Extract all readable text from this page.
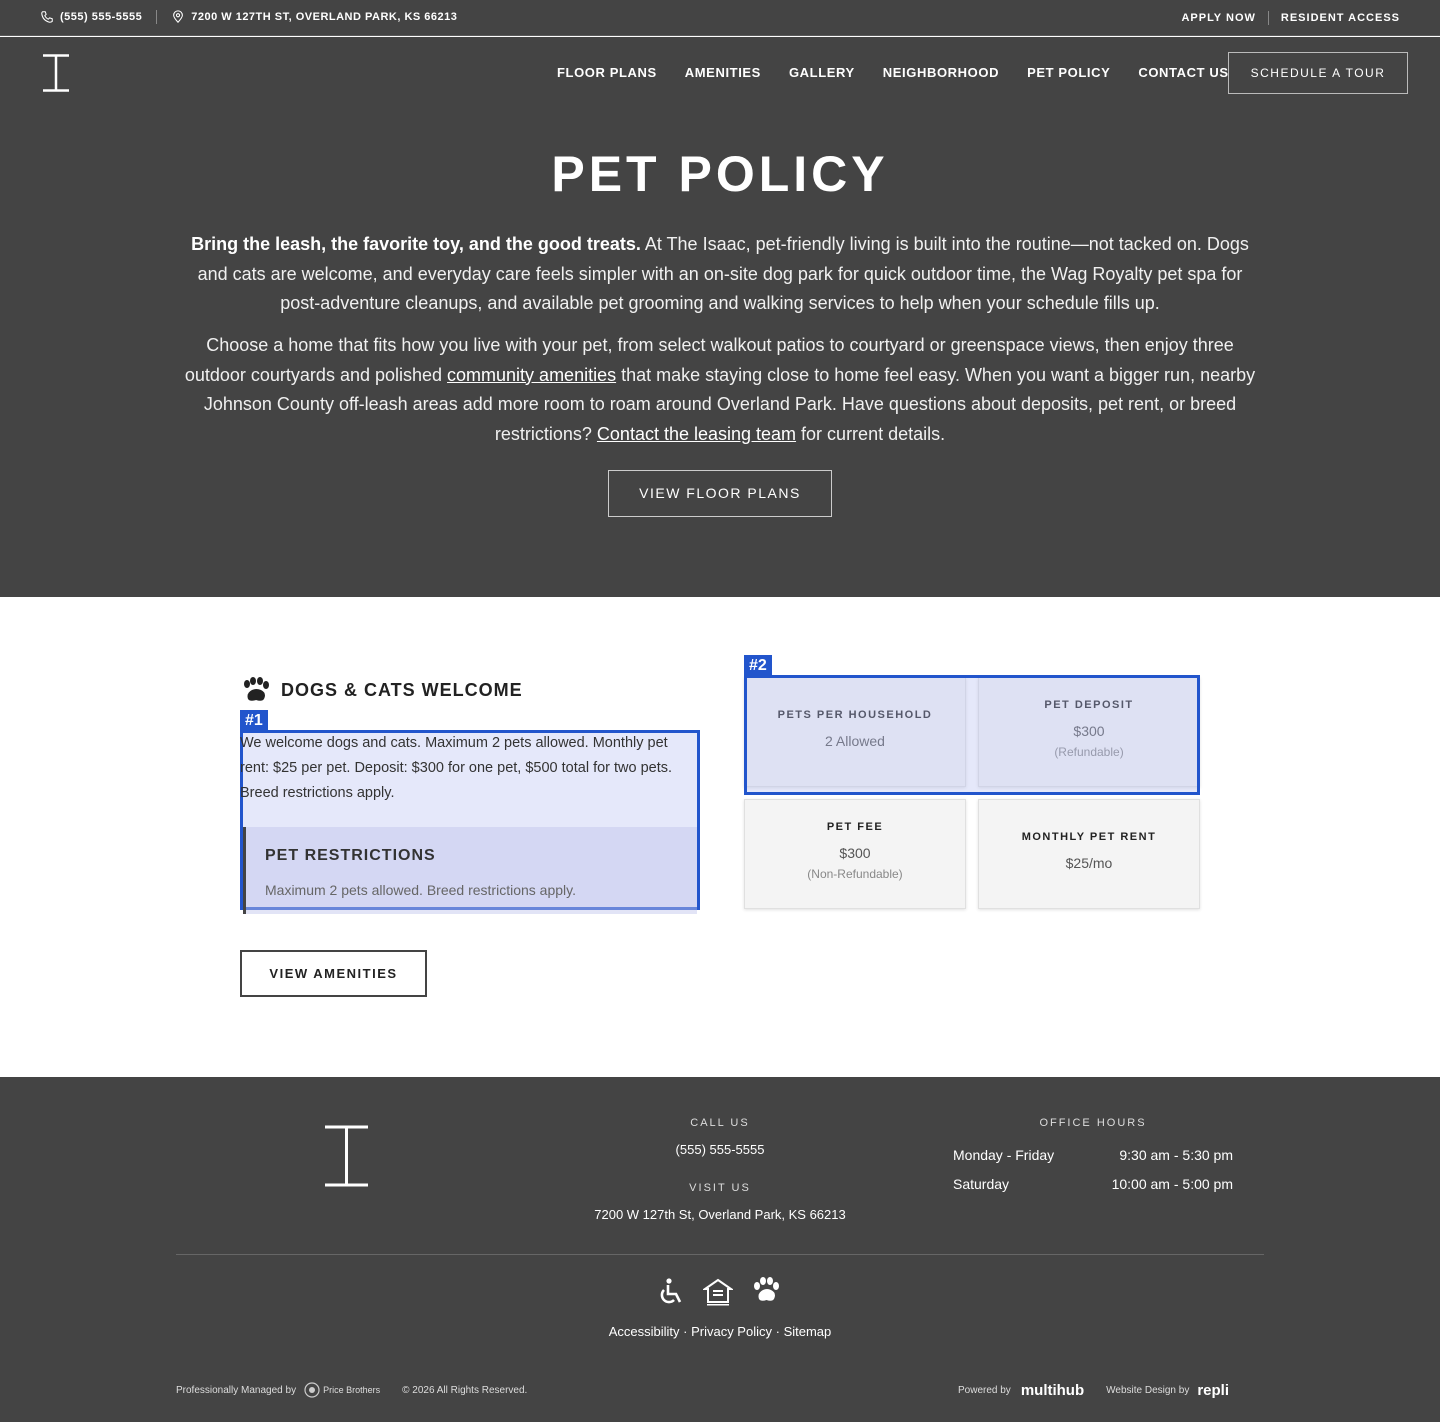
(555) 555-5555	7200 W 127TH ST, OVERLAND PARK, KS 66213	APPLY NOW RESIDENT ACCESS
FLOOR PLANS AMENITIES GALLERY NEIGHBORHOOD PET POLICY CONTACT US	SCHEDULE A TOUR
PET POLICY

Bring the leash, the favorite toy, and the good treats. At The Isaac, pet-friendly living is built into the routine—not tacked on. Dogs and cats are welcome, and everyday care feels simpler with an on-site dog park for quick outdoor time, the Wag Royalty pet spa for post-adventure cleanups, and available pet grooming and walking services to help when your schedule fills up.

Choose a home that fits how you live with your pet, from select walkout patios to courtyard or greenspace views, then enjoy three outdoor courtyards and polished community amenities that make staying close to home feel easy. When you want a bigger run, nearby Johnson County off-leash areas add more room to roam around Overland Park. Have questions about deposits, pet rent, or breed restrictions? Contact the leasing team for current details.

VIEW FLOOR PLANS
DOGS & CATS WELCOME
#1

We welcome dogs and cats. Maximum 2 pets allowed. Monthly pet rent: $25 per pet. Deposit: $300 for one pet, $500 total for two pets. Breed restrictions apply.

PET RESTRICTIONS

Maximum 2 pets allowed. Breed restrictions apply.

VIEW AMENITIES
PETS PER HOUSEHOLD
2 Allowed
PET DEPOSIT
$300
(Refundable)
PET FEE
$300
(Non-Refundable)
MONTHLY PET RENT
$25/mo
#2
CALL US
(555) 555-5555
VISIT US
7200 W 127th St, Overland Park, KS 66213
OFFICE HOURS
Monday - Friday	9:30 am - 5:30 pm
Saturday	10:00 am - 5:00 pm
Accessibility · Privacy Policy · Sitemap
Professionally Managed by	Price Brothers © 2026 All Rights Reserved.	Powered by multihub Website Design by repli
